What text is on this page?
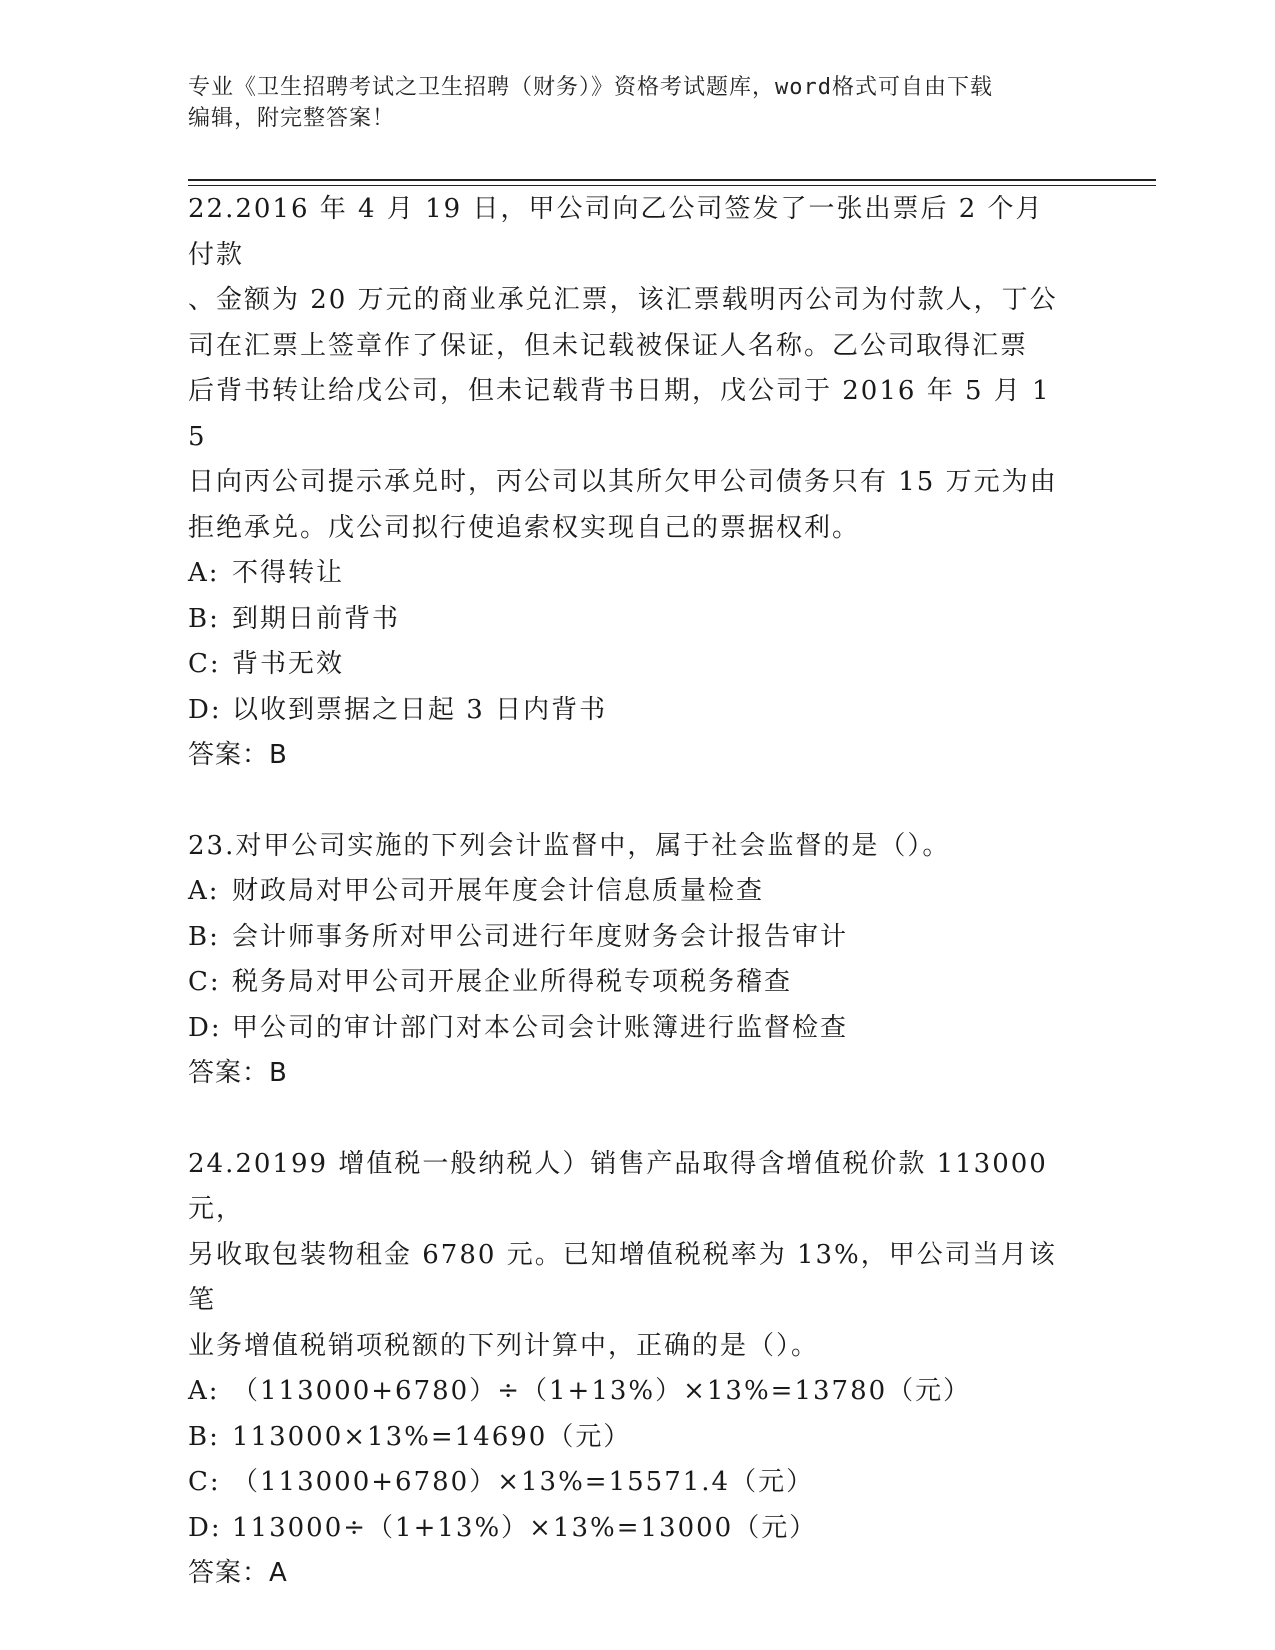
专业《卫生招聘考试之卫生招聘（财务）》资格考试题库，word格式可自由下载
编辑，附完整答案！
22.2016 年 4 月 19 日，甲公司向乙公司签发了一张出票后 2 个月付款
、金额为 20 万元的商业承兑汇票，该汇票载明丙公司为付款人，丁公
司在汇票上签章作了保证，但未记载被保证人名称。乙公司取得汇票
后背书转让给戊公司，但未记载背书日期，戊公司于 2016 年 5 月 15
日向丙公司提示承兑时，丙公司以其所欠甲公司债务只有 15 万元为由
拒绝承兑。戊公司拟行使追索权实现自己的票据权利。
A: 不得转让
B: 到期日前背书
C: 背书无效
D: 以收到票据之日起 3 日内背书
答案：B
23.对甲公司实施的下列会计监督中，属于社会监督的是（）。
A: 财政局对甲公司开展年度会计信息质量检查
B: 会计师事务所对甲公司进行年度财务会计报告审计
C: 税务局对甲公司开展企业所得税专项税务稽查
D: 甲公司的审计部门对本公司会计账簿进行监督检查
答案：B
24.20199 增值税一般纳税人）销售产品取得含增值税价款 113000 元，
另收取包装物租金 6780 元。已知增值税税率为 13%，甲公司当月该笔
业务增值税销项税额的下列计算中，正确的是（）。
A: （113000+6780）÷（1+13%）×13%=13780（元）
B: 113000×13%=14690（元）
C: （113000+6780）×13%=15571.4（元）
D: 113000÷（1+13%）×13%=13000（元）
答案：A
